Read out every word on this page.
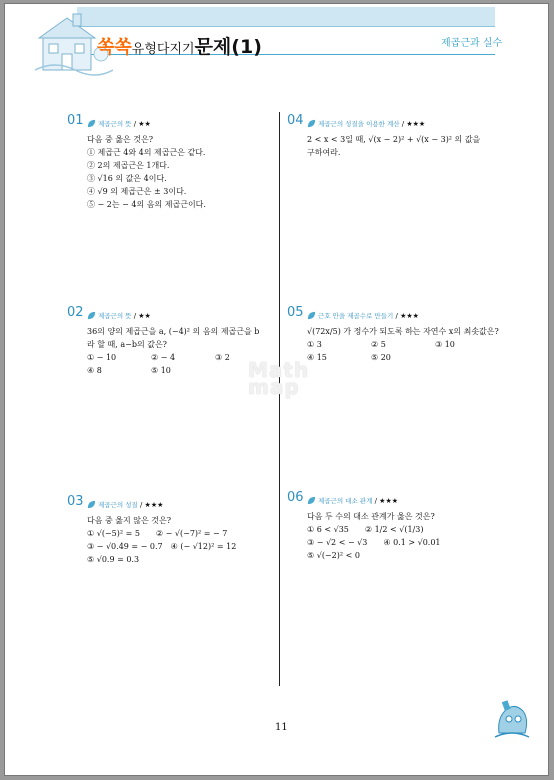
쏙쏙유형다지기문제(1)	제곱근과 실수
01 제곱근의 뜻 / ★★
다음 중 옳은 것은?
① 제곱근 4와 4의 제곱근은 같다.
② 2의 제곱근은 1개다.
③ √16 의 값은 4이다.
④ √9 의 제곱근은 ± 3이다.
⑤ − 2는 − 4의 음의 제곱근이다.
02 제곱근의 뜻 / ★★
36의 양의 제곱근을 a, (−4)² 의 음의 제곱근을 b
라 할 때, a−b의 값은?
① − 10	② − 4	③ 2
④ 8	⑤ 10
03 제곱근의 성질 / ★★★
다음 중 옳지 않은 것은?
① √(−5)² = 5　　② − √(−7)² = − 7
③ − √0.49 = − 0.7　④ (− √12)² = 12
⑤ √0.9 = 0.3
04 제곱근의 성질을 이용한 계산 / ★★★
2 < x < 3일 때, √(x − 2)² + √(x − 3)² 의 값을
구하여라.
05 근호 안을 제곱수로 만들기 / ★★★
√(72x/5) 가 정수가 되도록 하는 자연수 x의 최솟값은?
① 3	② 5	③ 10
④ 15	⑤ 20
06 제곱근의 대소 관계 / ★★★
다음 두 수의 대소 관계가 옳은 것은?
① 6 < √35　　② 1/2 < √(1/3)
③ − √2 < − √3　　④ 0.1 > √0.01
⑤ √(−2)² < 0
Math
map
11
